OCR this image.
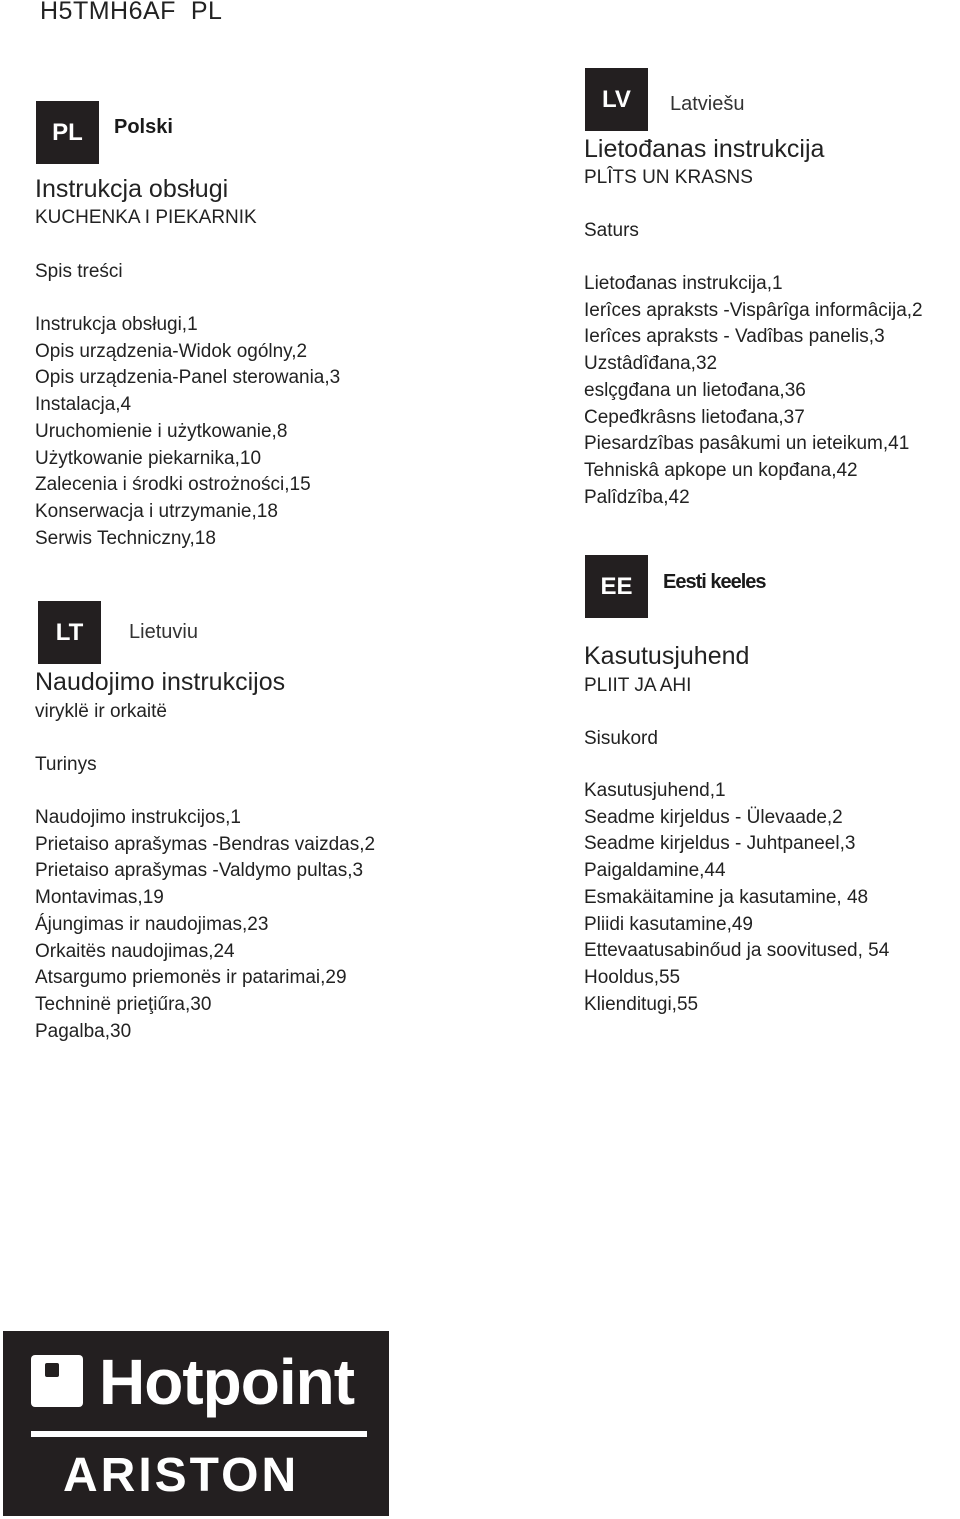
H5TMH6AF  PL
PL	Polski
Instrukcja obsługi
KUCHENKA I PIEKARNIK
Spis treści
Instrukcja obsługi,1
Opis urządzenia-Widok ogólny,2
Opis urządzenia-Panel sterowania,3
Instalacja,4
Uruchomienie i użytkowanie,8
Użytkowanie piekarnika,10
Zalecenia i środki ostrożności,15
Konserwacja i utrzymanie,18
Serwis Techniczny,18
LT	Lietuviu
Naudojimo instrukcijos
viryklë ir orkaitë
Turinys
Naudojimo instrukcijos,1
Prietaiso aprašymas -Bendras vaizdas,2
Prietaiso aprašymas -Valdymo pultas,3
Montavimas,19
Ájungimas ir naudojimas,23
Orkaitës naudojimas,24
Atsargumo priemonës ir patarimai,29
Techninë prieţiűra,30
Pagalba,30
LV	Latviešu
Lietođanas instrukcija
PLÎTS UN KRASNS
Saturs
Lietođanas instrukcija,1
Ierîces apraksts -Vispârîga informâcija,2
Ierîces apraksts - Vadîbas panelis,3
Uzstâdîđana,32
eslçgđana un lietođana,36
Cepeđkrâsns lietođana,37
Piesardzîbas pasâkumi un ieteikum,41
Tehniskâ apkope un kopđana,42
Palîdzîba,42
EE	Eesti keeles
Kasutusjuhend
PLIIT JA AHI
Sisukord
Kasutusjuhend,1
Seadme kirjeldus - Ülevaade,2
Seadme kirjeldus - Juhtpaneel,3
Paigaldamine,44
Esmakäitamine ja kasutamine, 48
Pliidi kasutamine,49
Ettevaatusabinőud ja soovitused, 54
Hooldus,55
Klienditugi,55
Hotpoint
ARISTON
